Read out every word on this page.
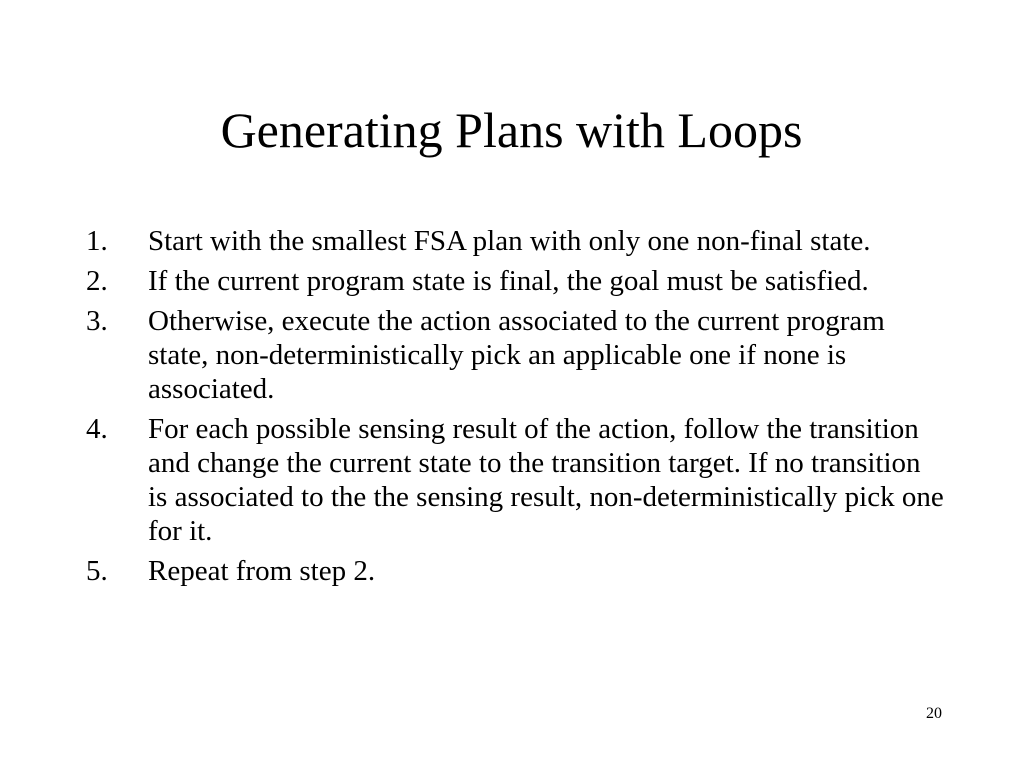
Generating Plans with Loops
1. Start with the smallest FSA plan with only one non-final state.
2. If the current program state is final, the goal must be satisfied.
3. Otherwise, execute the action associated to the current program state, non-deterministically pick an applicable one if none is associated.
4. For each possible sensing result of the action, follow the transition and change the current state to the transition target. If no transition is associated to the the sensing result, non-deterministically pick one for it.
5. Repeat from step 2.
20
